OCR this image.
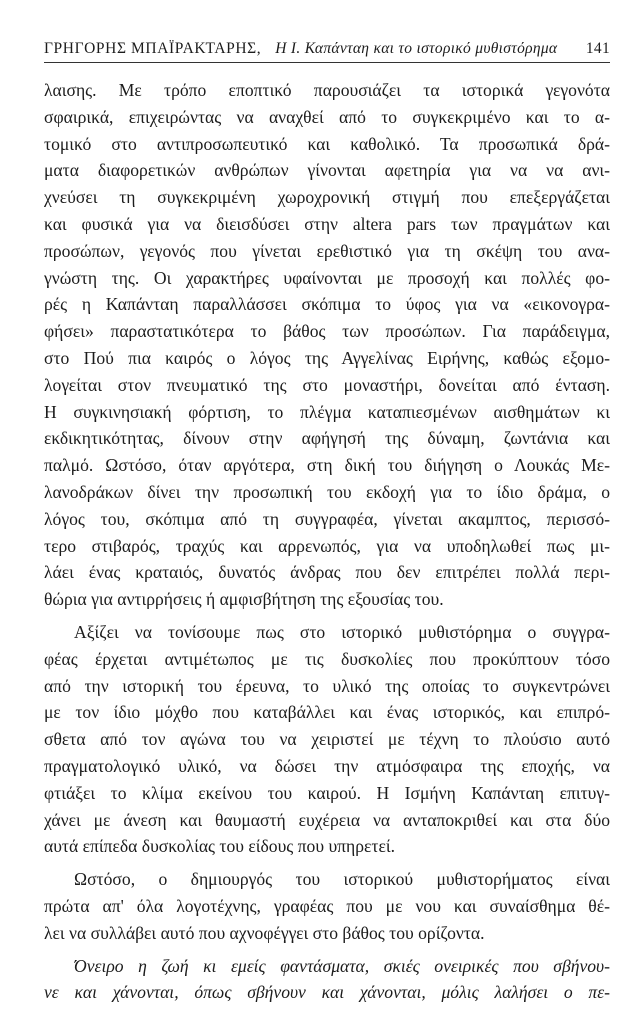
ΓΡΗΓΟΡΗΣ ΜΠΑΪΡΑΚΤΑΡΗΣ, Η Ι. Καπάνταη και το ιστορικό μυθιστόρημα	141
λαισης. Με τρόπο εποπτικό παρουσιάζει τα ιστορικά γεγονότα
σφαιρικά, επιχειρώντας να αναχθεί από το συγκεκριμένο και το α-
τομικό στο αντιπροσωπευτικό και καθολικό. Τα προσωπικά δρά-
ματα διαφορετικών ανθρώπων γίνονται αφετηρία για να να ανι-
χνεύσει τη συγκεκριμένη χωροχρονική στιγμή που επεξεργάζεται
και φυσικά για να διεισδύσει στην altera pars των πραγμάτων και
προσώπων, γεγονός που γίνεται ερεθιστικό για τη σκέψη του ανα-
γνώστη της. Οι χαρακτήρες υφαίνονται με προσοχή και πολλές φο-
ρές η Καπάνταη παραλλάσσει σκόπιμα το ύφος για να «εικονογρα-
φήσει» παραστατικότερα το βάθος των προσώπων. Για παράδειγμα,
στο Πού πια καιρός ο λόγος της Αγγελίνας Ειρήνης, καθώς εξομο-
λογείται στον πνευματικό της στο μοναστήρι, δονείται από ένταση.
Η συγκινησιακή φόρτιση, το πλέγμα καταπιεσμένων αισθημάτων κι
εκδικητικότητας, δίνουν στην αφήγησή της δύναμη, ζωντάνια και
παλμό. Ωστόσο, όταν αργότερα, στη δική του διήγηση ο Λουκάς Με-
λανοδράκων δίνει την προσωπική του εκδοχή για το ίδιο δράμα, ο
λόγος του, σκόπιμα από τη συγγραφέα, γίνεται ακαμπτος, περισσό-
τερο στιβαρός, τραχύς και αρρενωπός, για να υποδηλωθεί πως μι-
λάει ένας κραταιός, δυνατός άνδρας που δεν επιτρέπει πολλά περι-
θώρια για αντιρρήσεις ή αμφισβήτηση της εξουσίας του.
Αξίζει να τονίσουμε πως στο ιστορικό μυθιστόρημα ο συγγρα-
φέας έρχεται αντιμέτωπος με τις δυσκολίες που προκύπτουν τόσο
από την ιστορική του έρευνα, το υλικό της οποίας το συγκεντρώνει
με τον ίδιο μόχθο που καταβάλλει και ένας ιστορικός, και επιπρό-
σθετα από τον αγώνα του να χειριστεί με τέχνη το πλούσιο αυτό
πραγματολογικό υλικό, να δώσει την ατμόσφαιρα της εποχής, να
φτιάξει το κλίμα εκείνου του καιρού. Η Ισμήνη Καπάνταη επιτυγ-
χάνει με άνεση και θαυμαστή ευχέρεια να ανταποκριθεί και στα δύο
αυτά επίπεδα δυσκολίας του είδους που υπηρετεί.
Ωστόσο, ο δημιουργός του ιστορικού μυθιστορήματος είναι
πρώτα απ' όλα λογοτέχνης, γραφέας που με νου και συναίσθημα θέ-
λει να συλλάβει αυτό που αχνοφέγγει στο βάθος του ορίζοντα.
Όνειρο η ζωή κι εμείς φαντάσματα, σκιές ονειρικές που σβήνου-
νε και χάνονται, όπως σβήνουν και χάνονται, μόλις λαλήσει ο πε-
